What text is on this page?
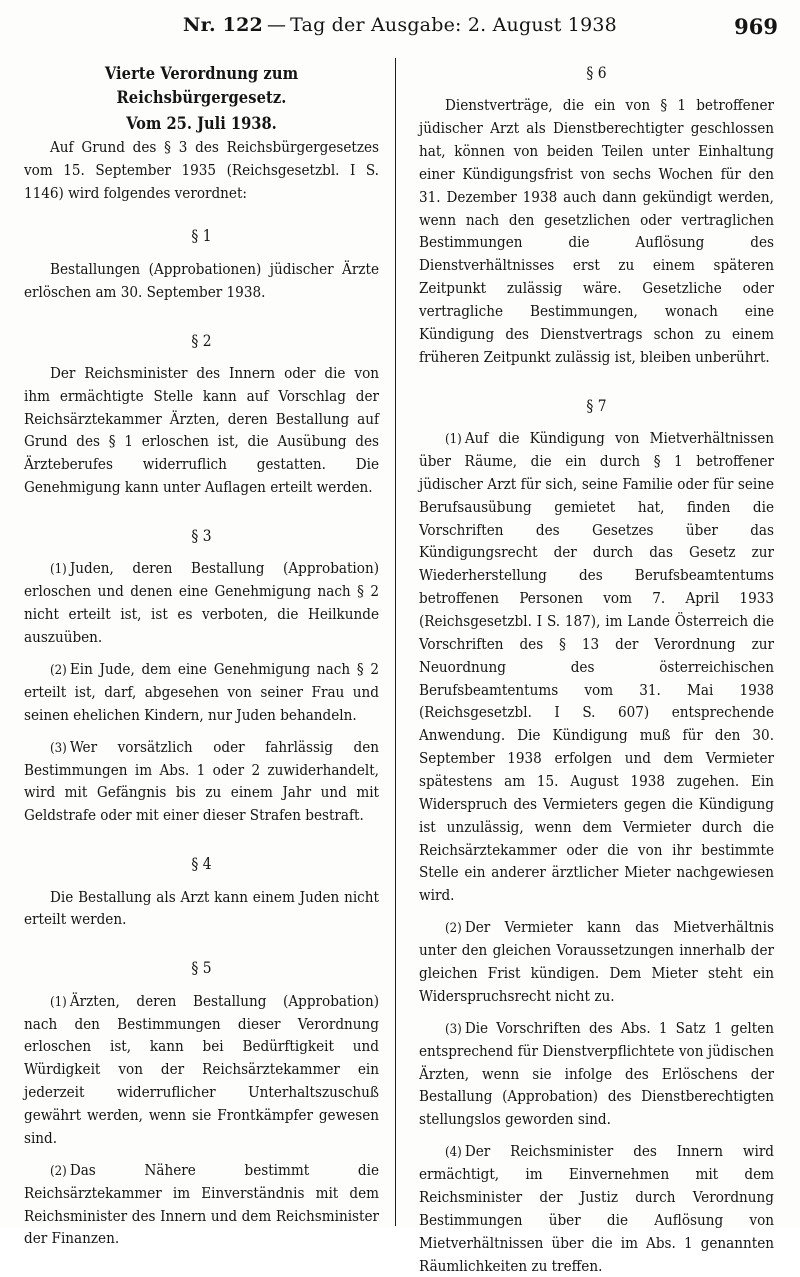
Nr. 122 — Tag der Ausgabe: 2. August 1938	969
Vierte Verordnung zum Reichsbürgergesetz.
Vom 25. Juli 1938.

Auf Grund des § 3 des Reichsbürgergesetzes vom 15. September 1935 (Reichsgesetzbl. I S. 1146) wird folgendes verordnet:

§ 1

Bestallungen (Approbationen) jüdischer Ärzte erlöschen am 30. September 1938.

§ 2

Der Reichsminister des Innern oder die von ihm ermächtigte Stelle kann auf Vorschlag der Reichsärztekammer Ärzten, deren Bestallung auf Grund des § 1 erloschen ist, die Ausübung des Ärzteberufes widerruflich gestatten. Die Genehmigung kann unter Auflagen erteilt werden.

§ 3

(1) Juden, deren Bestallung (Approbation) erloschen und denen eine Genehmigung nach § 2 nicht erteilt ist, ist es verboten, die Heilkunde auszuüben.

(2) Ein Jude, dem eine Genehmigung nach § 2 erteilt ist, darf, abgesehen von seiner Frau und seinen ehelichen Kindern, nur Juden behandeln.

(3) Wer vorsätzlich oder fahrlässig den Bestimmungen im Abs. 1 oder 2 zuwiderhandelt, wird mit Gefängnis bis zu einem Jahr und mit Geldstrafe oder mit einer dieser Strafen bestraft.

§ 4

Die Bestallung als Arzt kann einem Juden nicht erteilt werden.

§ 5

(1) Ärzten, deren Bestallung (Approbation) nach den Bestimmungen dieser Verordnung erloschen ist, kann bei Bedürftigkeit und Würdigkeit von der Reichsärztekammer ein jederzeit widerruflicher Unterhaltszuschuß gewährt werden, wenn sie Frontkämpfer gewesen sind.

(2) Das Nähere bestimmt die Reichsärztekammer im Einverständnis mit dem Reichsminister des Innern und dem Reichsminister der Finanzen.

§ 6

Dienstverträge, die ein von § 1 betroffener jüdischer Arzt als Dienstberechtigter geschlossen hat, können von beiden Teilen unter Einhaltung einer Kündigungsfrist von sechs Wochen für den 31. Dezember 1938 auch dann gekündigt werden, wenn nach den gesetzlichen oder vertraglichen Bestimmungen die Auflösung des Dienstverhältnisses erst zu einem späteren Zeitpunkt zulässig wäre. Gesetzliche oder vertragliche Bestimmungen, wonach eine Kündigung des Dienstvertrags schon zu einem früheren Zeitpunkt zulässig ist, bleiben unberührt.

§ 7

(1) Auf die Kündigung von Mietverhältnissen über Räume, die ein durch § 1 betroffener jüdischer Arzt für sich, seine Familie oder für seine Berufsausübung gemietet hat, finden die Vorschriften des Gesetzes über das Kündigungsrecht der durch das Gesetz zur Wiederherstellung des Berufsbeamtentums betroffenen Personen vom 7. April 1933 (Reichsgesetzbl. I S. 187), im Lande Österreich die Vorschriften des § 13 der Verordnung zur Neuordnung des österreichischen Berufsbeamtentums vom 31. Mai 1938 (Reichsgesetzbl. I S. 607) entsprechende Anwendung. Die Kündigung muß für den 30. September 1938 erfolgen und dem Vermieter spätestens am 15. August 1938 zugehen. Ein Widerspruch des Vermieters gegen die Kündigung ist unzulässig, wenn dem Vermieter durch die Reichsärztekammer oder die von ihr bestimmte Stelle ein anderer ärztlicher Mieter nachgewiesen wird.

(2) Der Vermieter kann das Mietverhältnis unter den gleichen Voraussetzungen innerhalb der gleichen Frist kündigen. Dem Mieter steht ein Widerspruchsrecht nicht zu.

(3) Die Vorschriften des Abs. 1 Satz 1 gelten entsprechend für Dienstverpflichtete von jüdischen Ärzten, wenn sie infolge des Erlöschens der Bestallung (Approbation) des Dienstberechtigten stellungslos geworden sind.

(4) Der Reichsminister des Innern wird ermächtigt, im Einvernehmen mit dem Reichsminister der Justiz durch Verordnung Bestimmungen über die Auflösung von Mietverhältnissen über die im Abs. 1 genannten Räumlichkeiten zu treffen.
